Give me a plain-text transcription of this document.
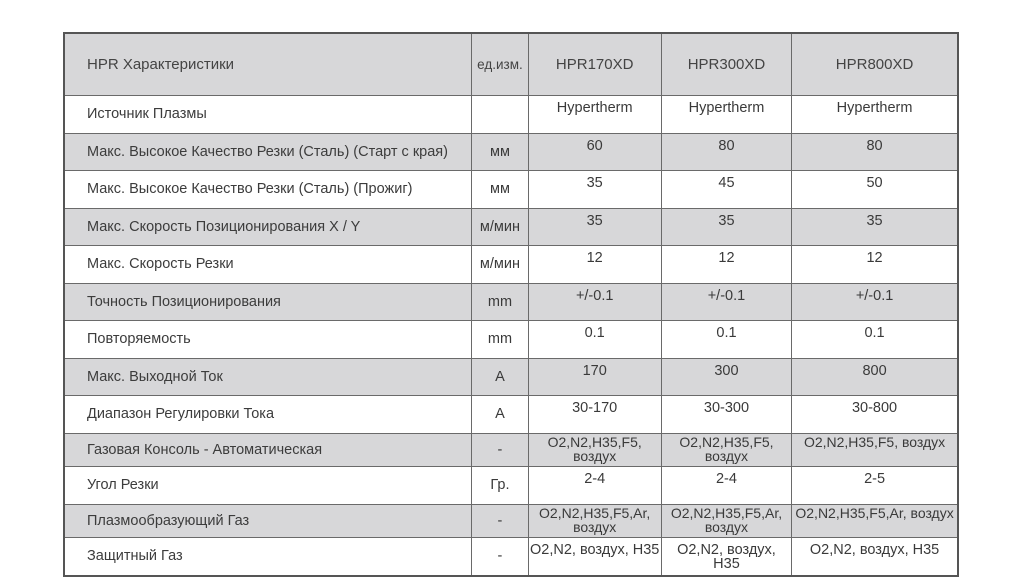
HPR Характеристики	ед.изм.	HPR170XD	HPR300XD	HPR800XD
Источник Плазмы		Hypertherm	Hypertherm	Hypertherm
Макс. Высокое Качество Резки (Сталь) (Старт с края)	мм	60	80	80
Макс. Высокое Качество Резки (Сталь) (Прожиг)	мм	35	45	50
Макс. Скорость Позиционирования X / Y	м/мин	35	35	35
Макс. Скорость Резки	м/мин	12	12	12
Точность Позиционирования	mm	+/-0.1	+/-0.1	+/-0.1
Повторяемость	mm	0.1	0.1	0.1
Макс. Выходной Ток	A	170	300	800
Диапазон Регулировки Тока	A	30-170	30-300	30-800
Газовая Консоль - Автоматическая	-	O2,N2,H35,F5, воздух	O2,N2,H35,F5, воздух	O2,N2,H35,F5, воздух
Угол Резки	Гр.	2-4	2-4	2-5
Плазмообразующий Газ	-	O2,N2,H35,F5,Ar, воздух	O2,N2,H35,F5,Ar, воздух	O2,N2,H35,F5,Ar, воздух
Защитный Газ	-	O2,N2, воздух, H35	O2,N2, воздух, H35	O2,N2, воздух, H35
